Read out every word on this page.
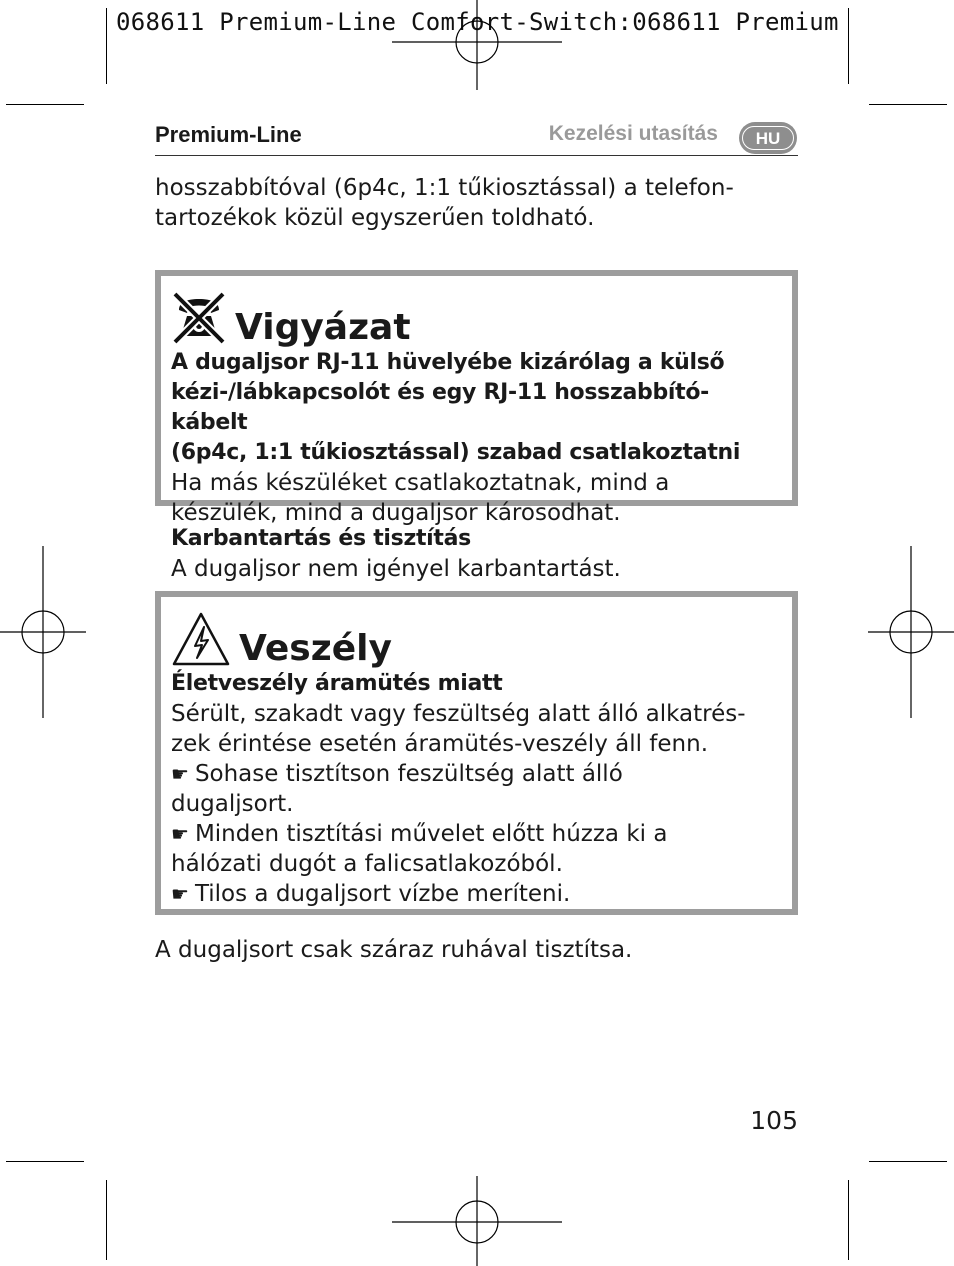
068611 Premium-Line Comfort-Switch:068611 Premium
Premium-Line	Kezelési utasítás	HU
hosszabbítóval (6p4c, 1:1 tűkiosztással) a telefon-
tartozékok közül egyszerűen toldható.
Vigyázat
A dugaljsor RJ-11 hüvelyébe kizárólag a külső
kézi-/lábkapcsolót és egy RJ-11 hosszabbító-kábelt
(6p4c, 1:1 tűkiosztással) szabad csatlakoztatni
Ha más készüléket csatlakoztatnak, mind a
készülék, mind a dugaljsor károsodhat.
Karbantartás és tisztítás
A dugaljsor nem igényel karbantartást.
Veszély
Életveszély áramütés miatt
Sérült, szakadt vagy feszültség alatt álló alkatrés-
zek érintése esetén áramütés-veszély áll fenn.
☛ Sohase tisztítson feszültség alatt álló
dugaljsort.
☛ Minden tisztítási művelet előtt húzza ki a
hálózati dugót a falicsatlakozóból.
☛ Tilos a dugaljsort vízbe meríteni.
A dugaljsort csak száraz ruhával tisztítsa.
105
